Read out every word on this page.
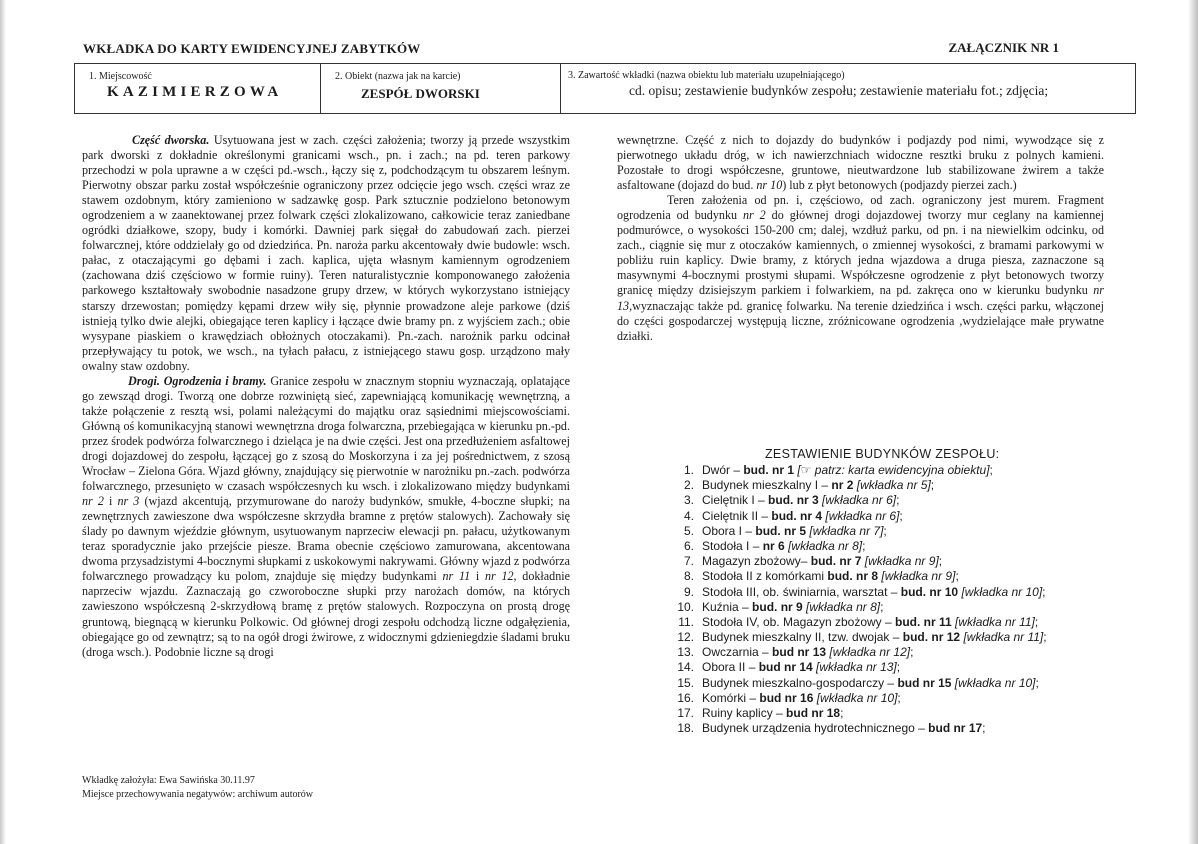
WKŁADKA DO KARTY EWIDENCYJNEJ ZABYTKÓW	ZAŁĄCZNIK NR 1
1. Miejscowość
KAZIMIERZOWA
2. Obiekt (nazwa jak na karcie)
ZESPÓŁ DWORSKI
3. Zawartość wkładki (nazwa obiektu lub materiału uzupełniającego)
cd. opisu; zestawienie budynków zespołu; zestawienie materiału fot.; zdjęcia;

Część dworska. Usytuowana jest w zach. części założenia; tworzy ją przede wszystkim park dworski z dokładnie określonymi granicami wsch., pn. i zach.; na pd. teren parkowy przechodzi w pola uprawne a w części pd.-wsch., łączy się z, podchodzącym tu obszarem leśnym. Pierwotny obszar parku został współcześnie ograniczony przez odcięcie jego wsch. części wraz ze stawem ozdobnym, który zamieniono w sadzawkę gosp. Park sztucznie podzielono betonowym ogrodzeniem a w zaanektowanej przez folwark części zlokalizowano, całkowicie teraz zaniedbane ogródki działkowe, szopy, budy i komórki. Dawniej park sięgał do zabudowań zach. pierzei folwarcznej, które oddzielały go od dziedzińca. Pn. naroża parku akcentowały dwie budowle: wsch. pałac, z otaczającymi go dębami i zach. kaplica, ujęta własnym kamiennym ogrodzeniem (zachowana dziś częściowo w formie ruiny). Teren naturalistycznie komponowanego założenia parkowego kształtowały swobodnie nasadzone grupy drzew, w których wykorzystano istniejący starszy drzewostan; pomiędzy kępami drzew wiły się, płynnie prowadzone aleje parkowe (dziś istnieją tylko dwie alejki, obiegające teren kaplicy i łączące dwie bramy pn. z wyjściem zach.; obie wysypane piaskiem o krawędziach obłożnych otoczakami). Pn.-zach. narożnik parku odcinał przepływający tu potok, we wsch., na tyłach pałacu, z istniejącego stawu gosp. urządzono mały owalny staw ozdobny.

Drogi. Ogrodzenia i bramy. Granice zespołu w znacznym stopniu wyznaczają, oplatające go zewsząd drogi. Tworzą one dobrze rozwiniętą sieć, zapewniającą komunikację wewnętrzną, a także połączenie z resztą wsi, polami należącymi do majątku oraz sąsiednimi miejscowościami. Główną oś komunikacyjną stanowi wewnętrzna droga folwarczna, przebiegająca w kierunku pn.-pd. przez środek podwórza folwarcznego i dzieląca je na dwie części. Jest ona przedłużeniem asfaltowej drogi dojazdowej do zespołu, łączącej go z szosą do Moskorzyna i za jej pośrednictwem, z szosą Wrocław – Zielona Góra. Wjazd główny, znajdujący się pierwotnie w narożniku pn.-zach. podwórza folwarcznego, przesunięto w czasach współczesnych ku wsch. i zlokalizowano między budynkami nr 2 i nr 3 (wjazd akcentują, przymurowane do naroży budynków, smukłe, 4-boczne słupki; na zewnętrznych zawieszone dwa współczesne skrzydła bramne z prętów stalowych). Zachowały się ślady po dawnym wjeździe głównym, usytuowanym naprzeciw elewacji pn. pałacu, użytkowanym teraz sporadycznie jako przejście piesze. Brama obecnie częściowo zamurowana, akcentowana dwoma przysadzistymi 4-bocznymi słupkami z uskokowymi nakrywami. Główny wjazd z podwórza folwarcznego prowadzący ku polom, znajduje się między budynkami nr 11 i nr 12, dokładnie naprzeciw wjazdu. Zaznaczają go czworoboczne słupki przy narożach domów, na których zawieszono współczesną 2-skrzydłową bramę z prętów stalowych. Rozpoczyna on prostą drogę gruntową, biegnącą w kierunku Polkowic. Od głównej drogi zespołu odchodzą liczne odgałęzienia, obiegające go od zewnątrz; są to na ogół drogi żwirowe, z widocznymi gdzieniegdzie śladami bruku (droga wsch.). Podobnie liczne są drogi

wewnętrzne. Część z nich to dojazdy do budynków i podjazdy pod nimi, wywodzące się z pierwotnego układu dróg, w ich nawierzchniach widoczne resztki bruku z polnych kamieni. Pozostałe to drogi współczesne, gruntowe, nieutwardzone lub stabilizowane żwirem a także asfaltowane (dojazd do bud. nr 10) lub z płyt betonowych (podjazdy pierzei zach.)

Teren założenia od pn. i, częściowo, od zach. ograniczony jest murem. Fragment ogrodzenia od budynku nr 2 do głównej drogi dojazdowej tworzy mur ceglany na kamiennej podmurówce, o wysokości 150-200 cm; dalej, wzdłuż parku, od pn. i na niewielkim odcinku, od zach., ciągnie się mur z otoczaków kamiennych, o zmiennej wysokości, z bramami parkowymi w pobliżu ruin kaplicy. Dwie bramy, z których jedna wjazdowa a druga piesza, zaznaczone są masywnymi 4-bocznymi prostymi słupami. Współczesne ogrodzenie z płyt betonowych tworzy granicę między dzisiejszym parkiem i folwarkiem, na pd. zakręca ono w kierunku budynku nr 13,wyznaczając także pd. granicę folwarku. Na terenie dziedzińca i wsch. części parku, włączonej do części gospodarczej występują liczne, zróżnicowane ogrodzenia ,wydzielające małe prywatne działki.

ZESTAWIENIE BUDYNKÓW ZESPOŁU:
1. Dwór – bud. nr 1 [☞ patrz: karta ewidencyjna obiektu];
2. Budynek mieszkalny I – nr 2 [wkładka nr 5];
3. Cielętnik I – bud. nr 3 [wkładka nr 6];
4. Cielętnik II – bud. nr 4 [wkładka nr 6];
5. Obora I – bud. nr 5 [wkładka nr 7];
6. Stodoła I – nr 6 [wkładka nr 8];
7. Magazyn zbożowy– bud. nr 7 [wkładka nr 9];
8. Stodoła II z komórkami bud. nr 8 [wkładka nr 9];
9. Stodoła III, ob. świniarnia, warsztat – bud. nr 10 [wkładka nr 10];
10. Kuźnia – bud. nr 9 [wkładka nr 8];
11. Stodoła IV, ob. Magazyn zbożowy – bud. nr 11 [wkładka nr 11];
12. Budynek mieszkalny II, tzw. dwojak – bud. nr 12 [wkładka nr 11];
13. Owczarnia – bud nr 13 [wkładka nr 12];
14. Obora II – bud nr 14 [wkładka nr 13];
15. Budynek mieszkalno-gospodarczy – bud nr 15 [wkładka nr 10];
16. Komórki – bud nr 16 [wkładka nr 10];
17. Ruiny kaplicy – bud nr 18;
18. Budynek urządzenia hydrotechnicznego – bud nr 17;
Wkładkę założyła: Ewa Sawińska 30.11.97
Miejsce przechowywania negatywów: archiwum autorów
